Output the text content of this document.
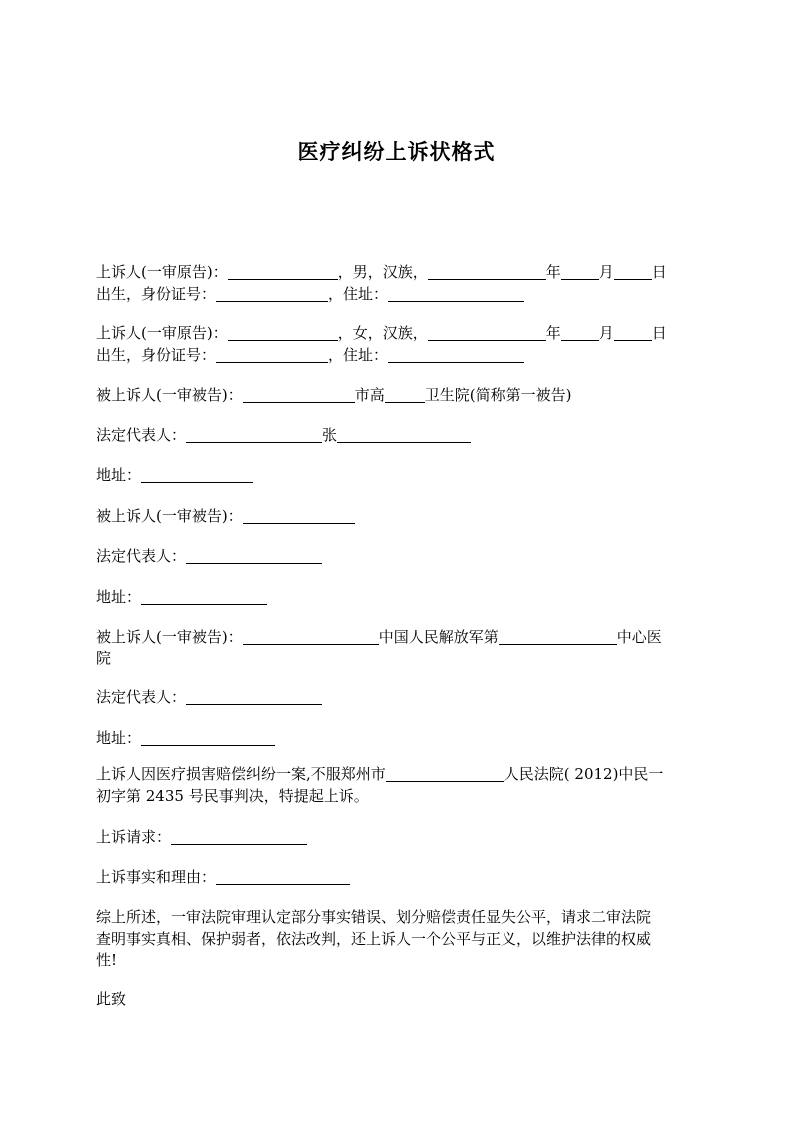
医疗纠纷上诉状格式
上诉人(一审原告)：	，男，汉族，	年	月	日
出生，身份证号：	，住址：
上诉人(一审原告)：	，女，汉族，	年	月	日
出生，身份证号：	，住址：
被上诉人(一审被告)：	市高	卫生院(简称第一被告)
法定代表人：	张
地址：
被上诉人(一审被告)：
法定代表人：
地址：
被上诉人(一审被告)：	中国人民解放军第	中心医
院
法定代表人：
地址：
上诉人因医疗损害赔偿纠纷一案,不服郑州市	人民法院( 2012)中民一
初字第 2435 号民事判决，特提起上诉。
上诉请求：
上诉事实和理由：
综上所述，一审法院审理认定部分事实错误、划分赔偿责任显失公平，请求二审法院
查明事实真相、保护弱者，依法改判，还上诉人一个公平与正义，以维护法律的权威
性!
此致
